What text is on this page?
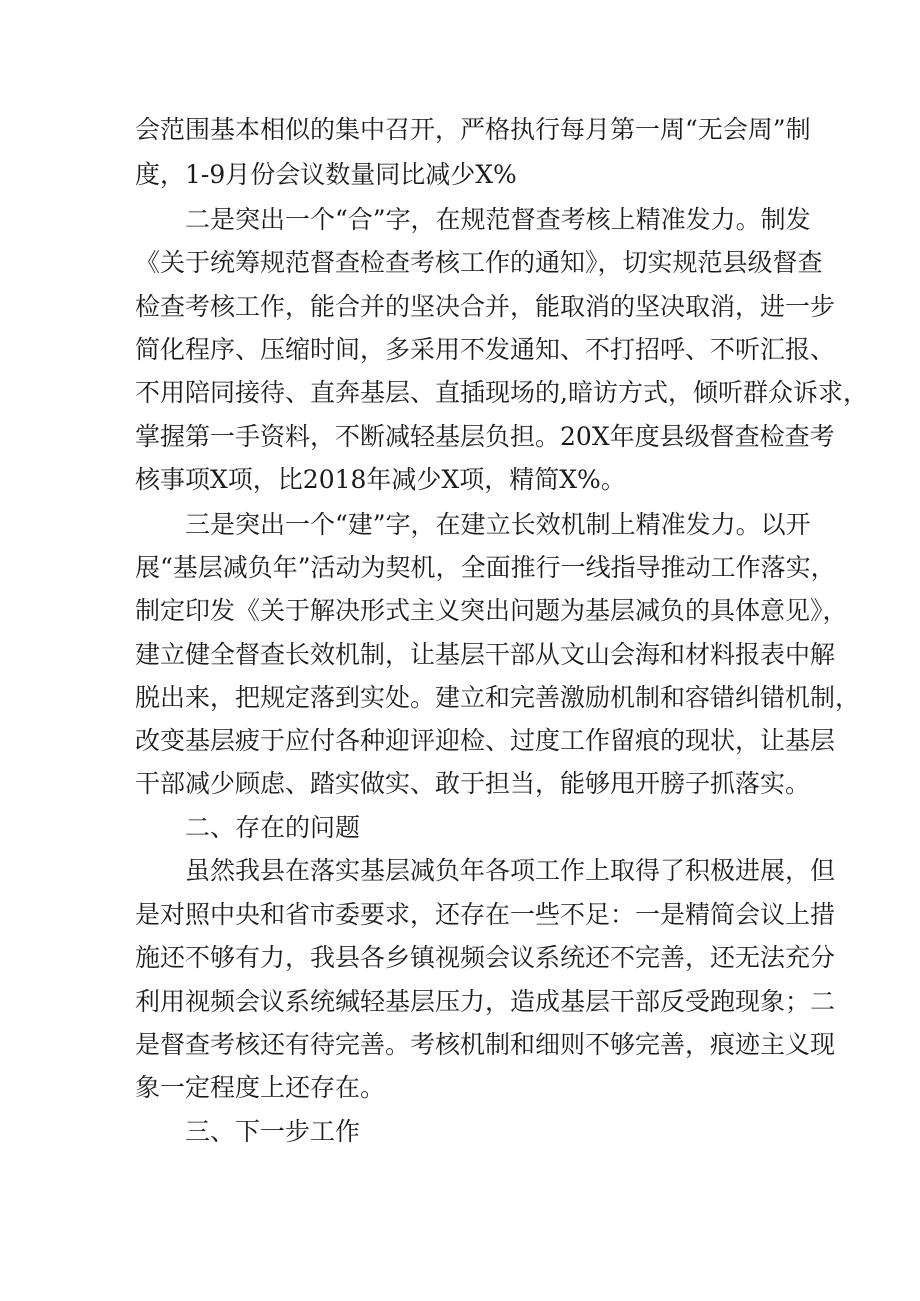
会范围基本相似的集中召开，严格执行每月第一周“无会周”制
度，1-9月份会议数量同比减少X%
二是突出一个“合”字，在规范督查考核上精准发力。制发
《关于统筹规范督查检查考核工作的通知》，切实规范县级督查
检查考核工作，能合并的坚决合并，能取消的坚决取消，进一步
简化程序、压缩时间，多采用不发通知、不打招呼、不听汇报、
不用陪同接待、直奔基层、直插现场的,暗访方式，倾听群众诉求，
掌握第一手资料，不断减轻基层负担。20X年度县级督查检查考
核事项X项，比2018年减少X项，精简X%。
三是突出一个“建”字，在建立长效机制上精准发力。以开
展“基层减负年”活动为契机，全面推行一线指导推动工作落实，
制定印发《关于解决形式主义突出问题为基层减负的具体意见》，
建立健全督查长效机制，让基层干部从文山会海和材料报表中解
脱出来，把规定落到实处。建立和完善激励机制和容错纠错机制，
改变基层疲于应付各种迎评迎检、过度工作留痕的现状，让基层
干部减少顾虑、踏实做实、敢于担当，能够甩开膀子抓落实。
二、存在的问题
虽然我县在落实基层减负年各项工作上取得了积极进展，但
是对照中央和省市委要求，还存在一些不足：一是精简会议上措
施还不够有力，我县各乡镇视频会议系统还不完善，还无法充分
利用视频会议系统缄轻基层压力，造成基层干部反受跑现象；二
是督查考核还有待完善。考核机制和细则不够完善，痕迹主义现
象一定程度上还存在。
三、下一步工作
